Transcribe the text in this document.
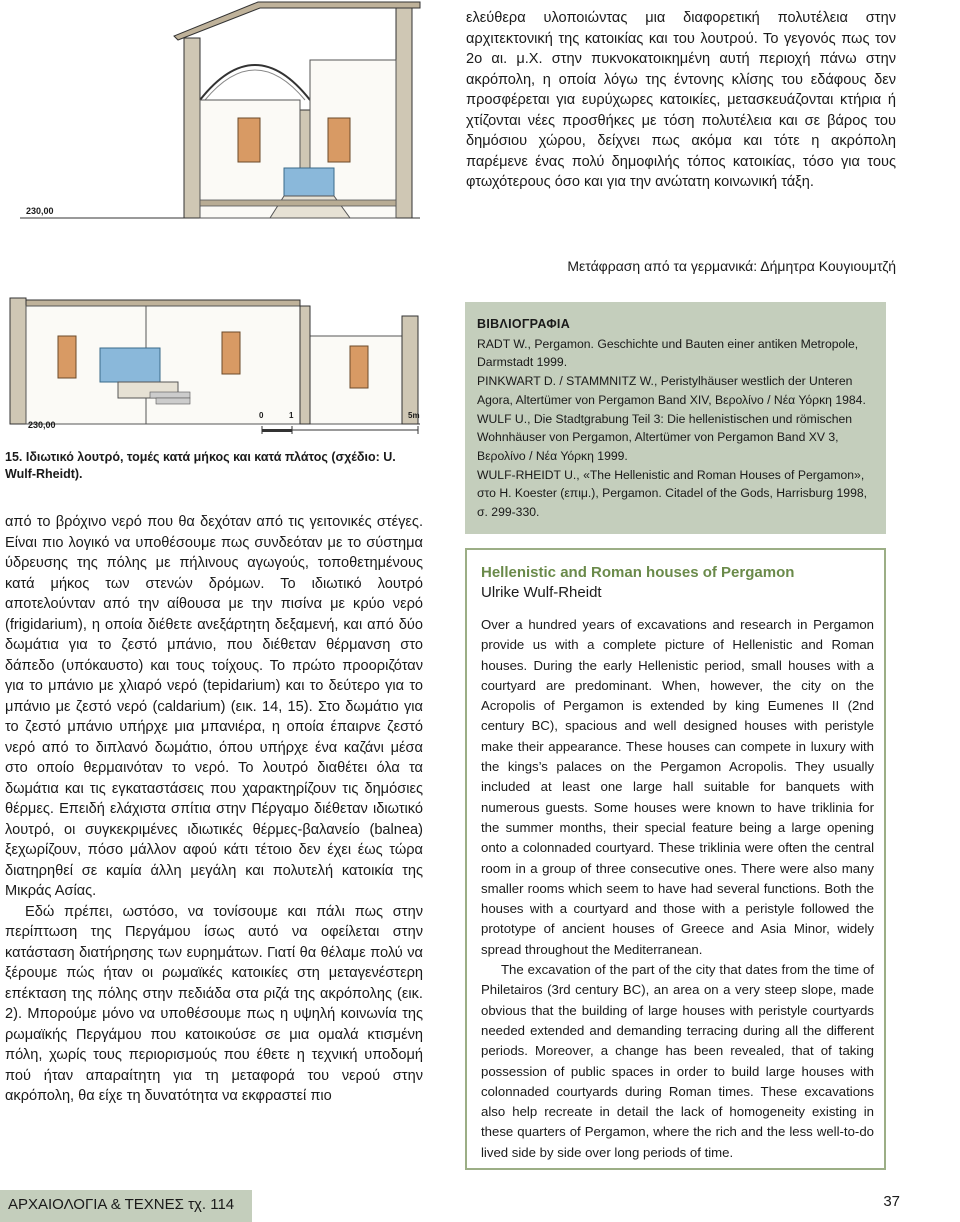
230,00
230,00
0	1	5m
15. Ιδιωτικό λουτρό, τομές κατά μήκος και κατά πλάτος (σχέδιο: U. Wulf-Rheidt).

από το βρόχινο νερό που θα δεχόταν από τις γειτονικές στέγες. Είναι πιο λογικό να υποθέσουμε πως συνδεόταν με το σύστημα ύδρευσης της πόλης με πήλινους αγωγούς, τοποθετημένους κατά μήκος των στενών δρόμων. Το ιδιωτικό λουτρό αποτελούνταν από την αίθουσα με την πισίνα με κρύο νερό (frigidarium), η οποία διέθετε ανεξάρτητη δεξαμενή, και από δύο δωμάτια για το ζεστό μπάνιο, που διέθεταν θέρμανση στο δάπεδο (υπόκαυστο) και τους τοίχους. Το πρώτο προοριζόταν για το μπάνιο με χλιαρό νερό (tepidarium) και το δεύτερο για το μπάνιο με ζεστό νερό (caldarium) (εικ. 14, 15). Στο δωμάτιο για το ζεστό μπάνιο υπήρχε μια μπανιέρα, η οποία έπαιρνε ζεστό νερό από το διπλανό δωμάτιο, όπου υπήρχε ένα καζάνι μέσα στο οποίο θερμαινόταν το νερό. Το λουτρό διαθέτει όλα τα δωμάτια και τις εγκαταστάσεις που χαρακτηρίζουν τις δημόσιες θέρμες. Επειδή ελάχιστα σπίτια στην Πέργαμο διέθεταν ιδιωτικό λουτρό, οι συγκεκριμένες ιδιωτικές θέρμες-βαλανείο (balnea) ξεχωρίζουν, πόσο μάλλον αφού κάτι τέτοιο δεν έχει έως τώρα διατηρηθεί σε καμία άλλη μεγάλη και πολυτελή κατοικία της Μικράς Ασίας.

Εδώ πρέπει, ωστόσο, να τονίσουμε και πάλι πως στην περίπτωση της Περγάμου ίσως αυτό να οφείλεται στην κατάσταση διατήρησης των ευρημάτων. Γιατί θα θέλαμε πολύ να ξέρουμε πώς ήταν οι ρωμαϊκές κατοικίες στη μεταγενέστερη επέκταση της πόλης στην πεδιάδα στα ριζά της ακρόπολης (εικ. 2). Μπορούμε μόνο να υποθέσουμε πως η υψηλή κοινωνία της ρωμαϊκής Περγάμου που κατοικούσε σε μια ομαλά κτισμένη πόλη, χωρίς τους περιορισμούς που έθετε η τεχνική υποδομή πού ήταν απαραίτητη για τη μεταφορά του νερού στην ακρόπολη, θα είχε τη δυνατότητα να εκφραστεί πιο

ελεύθερα υλοποιώντας μια διαφορετική πολυτέλεια στην αρχιτεκτονική της κατοικίας και του λουτρού. Το γεγονός πως τον 2ο αι. μ.Χ. στην πυκνοκατοικημένη αυτή περιοχή πάνω στην ακρόπολη, η οποία λόγω της έντονης κλίσης του εδάφους δεν προσφέρεται για ευρύχωρες κατοικίες, μετασκευάζονται κτήρια ή χτίζονται νέες προσθήκες με τόση πολυτέλεια και σε βάρος του δημόσιου χώρου, δείχνει πως ακόμα και τότε η ακρόπολη παρέμενε ένας πολύ δημοφιλής τόπος κατοικίας, τόσο για τους φτωχότερους όσο και για την ανώτατη κοινωνική τάξη.

Μετάφραση από τα γερμανικά: Δήμητρα Κουγιουμτζή
ΒΙΒΛΙΟΓΡΑΦΙΑ

RADT W., Pergamon. Geschichte und Bauten einer antiken Metropole, Darmstadt 1999.

PINKWART D. / STAMMNITZ W., Peristylhäuser westlich der Unteren Agora, Altertümer von Pergamon Band XIV, Βερολίνο / Νέα Υόρκη 1984.

WULF U., Die Stadtgrabung Teil 3: Die hellenistischen und römischen Wohnhäuser von Pergamon, Altertümer von Pergamon Band XV 3, Βερολίνο / Νέα Υόρκη 1999.

WULF-RHEIDT U., «The Hellenistic and Roman Houses of Pergamon», στο H. Koester (επιμ.), Pergamon. Citadel of the Gods, Harrisburg 1998, σ. 299-330.

Hellenistic and Roman houses of Pergamon
Ulrike Wulf-Rheidt

Over a hundred years of excavations and research in Pergamon provide us with a complete picture of Hellenistic and Roman houses. During the early Hellenistic period, small houses with a courtyard are predominant. When, however, the city on the Acropolis of Pergamon is extended by king Eumenes II (2nd century BC), spacious and well designed houses with peristyle make their appearance. These houses can compete in luxury with the kings’s palaces on the Pergamon Acropolis. They usually included at least one large hall suitable for banquets with numerous guests. Some houses were known to have triklinia for the summer months, their special feature being a large opening onto a colonnaded courtyard. These triklinia were often the central room in a group of three consecutive ones. There were also many smaller rooms which seem to have had several functions. Both the houses with a courtyard and those with a peristyle followed the prototype of ancient houses of Greece and Asia Minor, widely spread throughout the Mediterranean.

The excavation of the part of the city that dates from the time of Philetairos (3rd century BC), an area on a very steep slope, made obvious that the building of large houses with peristyle courtyards needed extended and demanding terracing during all the different periods. Moreover, a change has been revealed, that of taking possession of public spaces in order to build large houses with colonnaded courtyards during Roman times. These excavations also help recreate in detail the lack of homogeneity existing in these quarters of Pergamon, where the rich and the less well-to-do lived side by side over long periods of time.

ΑΡΧΑΙΟΛΟΓΙΑ & ΤΕΧΝΕΣ τχ. 114	37
